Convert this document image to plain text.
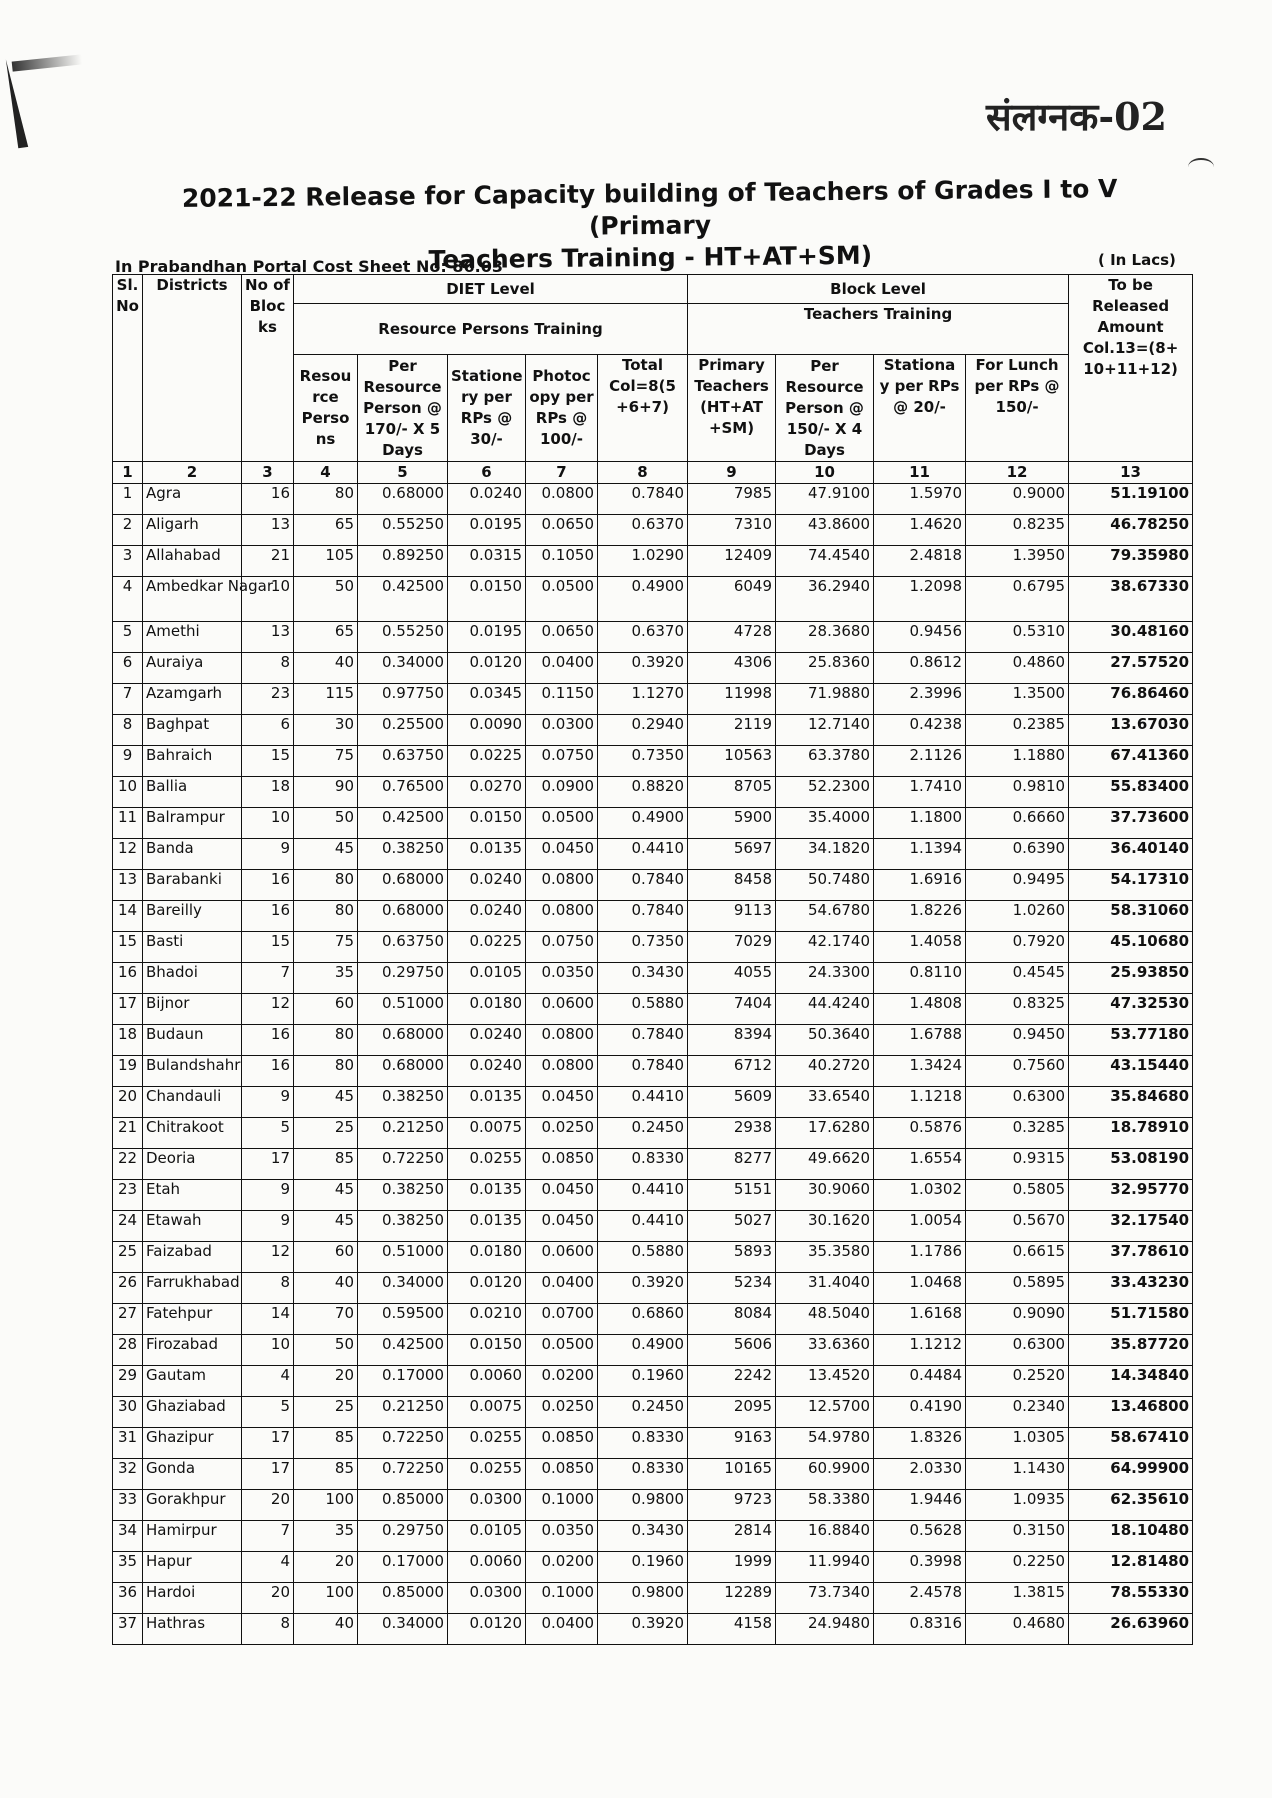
संलग्नक-02
2021-22 Release for Capacity building of Teachers of Grades I to V (Primary
Teachers Training - HT+AT+SM)
In Prabandhan Portal Cost Sheet No: 86.03	( In Lacs)
Sl. No	Districts	No of Blocks	DIET Level					Block Level				To be Released Amount Col.13=(8+ 10+11+12)
			Resource Persons Training					Teachers Training				
			Resou rce Perso ns	Per Resource Person @ 170/- X 5 Days	Statione ry per RPs @ 30/-	Photoc opy per RPs @ 100/-	Total Col=8(5 +6+7)	Primary Teachers (HT+AT +SM)	Per Resource Person @ 150/- X 4 Days	Stationa y per RPs @ 20/-	For Lunch per RPs @ 150/-	
1	2	3	4	5	6	7	8	9	10	11	12	13
1	Agra	16	80	0.68000	0.0240	0.0800	0.7840	7985	47.9100	1.5970	0.9000	51.19100
2	Aligarh	13	65	0.55250	0.0195	0.0650	0.6370	7310	43.8600	1.4620	0.8235	46.78250
3	Allahabad	21	105	0.89250	0.0315	0.1050	1.0290	12409	74.4540	2.4818	1.3950	79.35980
4	Ambedkar Nagar	10	50	0.42500	0.0150	0.0500	0.4900	6049	36.2940	1.2098	0.6795	38.67330
5	Amethi	13	65	0.55250	0.0195	0.0650	0.6370	4728	28.3680	0.9456	0.5310	30.48160
6	Auraiya	8	40	0.34000	0.0120	0.0400	0.3920	4306	25.8360	0.8612	0.4860	27.57520
7	Azamgarh	23	115	0.97750	0.0345	0.1150	1.1270	11998	71.9880	2.3996	1.3500	76.86460
8	Baghpat	6	30	0.25500	0.0090	0.0300	0.2940	2119	12.7140	0.4238	0.2385	13.67030
9	Bahraich	15	75	0.63750	0.0225	0.0750	0.7350	10563	63.3780	2.1126	1.1880	67.41360
10	Ballia	18	90	0.76500	0.0270	0.0900	0.8820	8705	52.2300	1.7410	0.9810	55.83400
11	Balrampur	10	50	0.42500	0.0150	0.0500	0.4900	5900	35.4000	1.1800	0.6660	37.73600
12	Banda	9	45	0.38250	0.0135	0.0450	0.4410	5697	34.1820	1.1394	0.6390	36.40140
13	Barabanki	16	80	0.68000	0.0240	0.0800	0.7840	8458	50.7480	1.6916	0.9495	54.17310
14	Bareilly	16	80	0.68000	0.0240	0.0800	0.7840	9113	54.6780	1.8226	1.0260	58.31060
15	Basti	15	75	0.63750	0.0225	0.0750	0.7350	7029	42.1740	1.4058	0.7920	45.10680
16	Bhadoi	7	35	0.29750	0.0105	0.0350	0.3430	4055	24.3300	0.8110	0.4545	25.93850
17	Bijnor	12	60	0.51000	0.0180	0.0600	0.5880	7404	44.4240	1.4808	0.8325	47.32530
18	Budaun	16	80	0.68000	0.0240	0.0800	0.7840	8394	50.3640	1.6788	0.9450	53.77180
19	Bulandshahr	16	80	0.68000	0.0240	0.0800	0.7840	6712	40.2720	1.3424	0.7560	43.15440
20	Chandauli	9	45	0.38250	0.0135	0.0450	0.4410	5609	33.6540	1.1218	0.6300	35.84680
21	Chitrakoot	5	25	0.21250	0.0075	0.0250	0.2450	2938	17.6280	0.5876	0.3285	18.78910
22	Deoria	17	85	0.72250	0.0255	0.0850	0.8330	8277	49.6620	1.6554	0.9315	53.08190
23	Etah	9	45	0.38250	0.0135	0.0450	0.4410	5151	30.9060	1.0302	0.5805	32.95770
24	Etawah	9	45	0.38250	0.0135	0.0450	0.4410	5027	30.1620	1.0054	0.5670	32.17540
25	Faizabad	12	60	0.51000	0.0180	0.0600	0.5880	5893	35.3580	1.1786	0.6615	37.78610
26	Farrukhabad	8	40	0.34000	0.0120	0.0400	0.3920	5234	31.4040	1.0468	0.5895	33.43230
27	Fatehpur	14	70	0.59500	0.0210	0.0700	0.6860	8084	48.5040	1.6168	0.9090	51.71580
28	Firozabad	10	50	0.42500	0.0150	0.0500	0.4900	5606	33.6360	1.1212	0.6300	35.87720
29	Gautam	4	20	0.17000	0.0060	0.0200	0.1960	2242	13.4520	0.4484	0.2520	14.34840
30	Ghaziabad	5	25	0.21250	0.0075	0.0250	0.2450	2095	12.5700	0.4190	0.2340	13.46800
31	Ghazipur	17	85	0.72250	0.0255	0.0850	0.8330	9163	54.9780	1.8326	1.0305	58.67410
32	Gonda	17	85	0.72250	0.0255	0.0850	0.8330	10165	60.9900	2.0330	1.1430	64.99900
33	Gorakhpur	20	100	0.85000	0.0300	0.1000	0.9800	9723	58.3380	1.9446	1.0935	62.35610
34	Hamirpur	7	35	0.29750	0.0105	0.0350	0.3430	2814	16.8840	0.5628	0.3150	18.10480
35	Hapur	4	20	0.17000	0.0060	0.0200	0.1960	1999	11.9940	0.3998	0.2250	12.81480
36	Hardoi	20	100	0.85000	0.0300	0.1000	0.9800	12289	73.7340	2.4578	1.3815	78.55330
37	Hathras	8	40	0.34000	0.0120	0.0400	0.3920	4158	24.9480	0.8316	0.4680	26.63960
